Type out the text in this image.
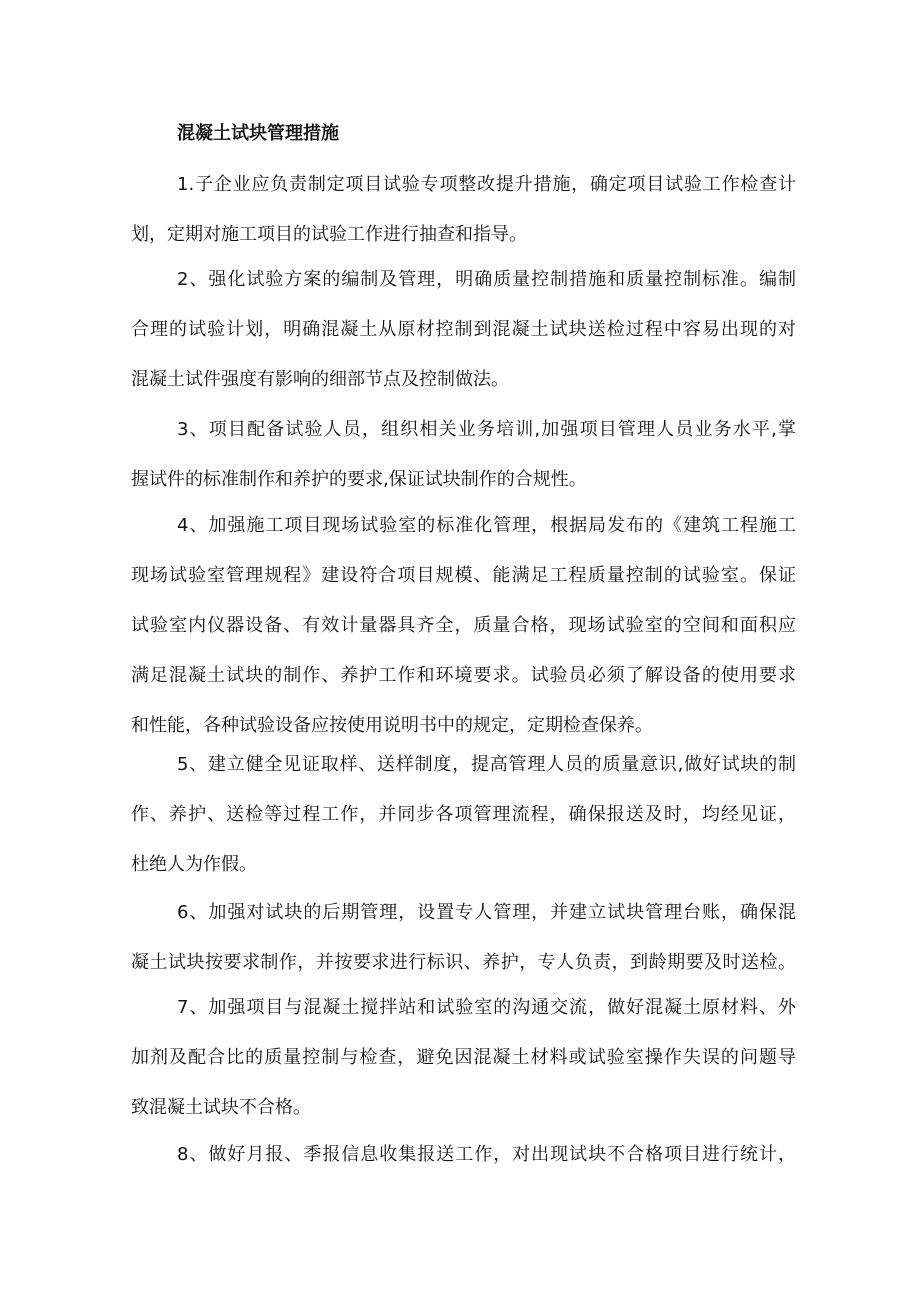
混凝土试块管理措施
1.子企业应负责制定项目试验专项整改提升措施，确定项目试验工作检查计
划，定期对施工项目的试验工作进行抽查和指导。
2、强化试验方案的编制及管理，明确质量控制措施和质量控制标准。编制
合理的试验计划，明确混凝土从原材控制到混凝土试块送检过程中容易出现的对
混凝土试件强度有影响的细部节点及控制做法。
3、项目配备试验人员，组织相关业务培训,加强项目管理人员业务水平,掌
握试件的标准制作和养护的要求,保证试块制作的合规性。
4、加强施工项目现场试验室的标准化管理，根据局发布的《建筑工程施工
现场试验室管理规程》建设符合项目规模、能满足工程质量控制的试验室。保证
试验室内仪器设备、有效计量器具齐全，质量合格，现场试验室的空间和面积应
满足混凝土试块的制作、养护工作和环境要求。试验员必须了解设备的使用要求
和性能，各种试验设备应按使用说明书中的规定，定期检查保养。
5、建立健全见证取样、送样制度，提高管理人员的质量意识,做好试块的制
作、养护、送检等过程工作，并同步各项管理流程，确保报送及时，均经见证，
杜绝人为作假。
6、加强对试块的后期管理，设置专人管理，并建立试块管理台账，确保混
凝土试块按要求制作，并按要求进行标识、养护，专人负责，到龄期要及时送检。
7、加强项目与混凝土搅拌站和试验室的沟通交流，做好混凝土原材料、外
加剂及配合比的质量控制与检查，避免因混凝土材料或试验室操作失误的问题导
致混凝土试块不合格。
8、做好月报、季报信息收集报送工作，对出现试块不合格项目进行统计，
